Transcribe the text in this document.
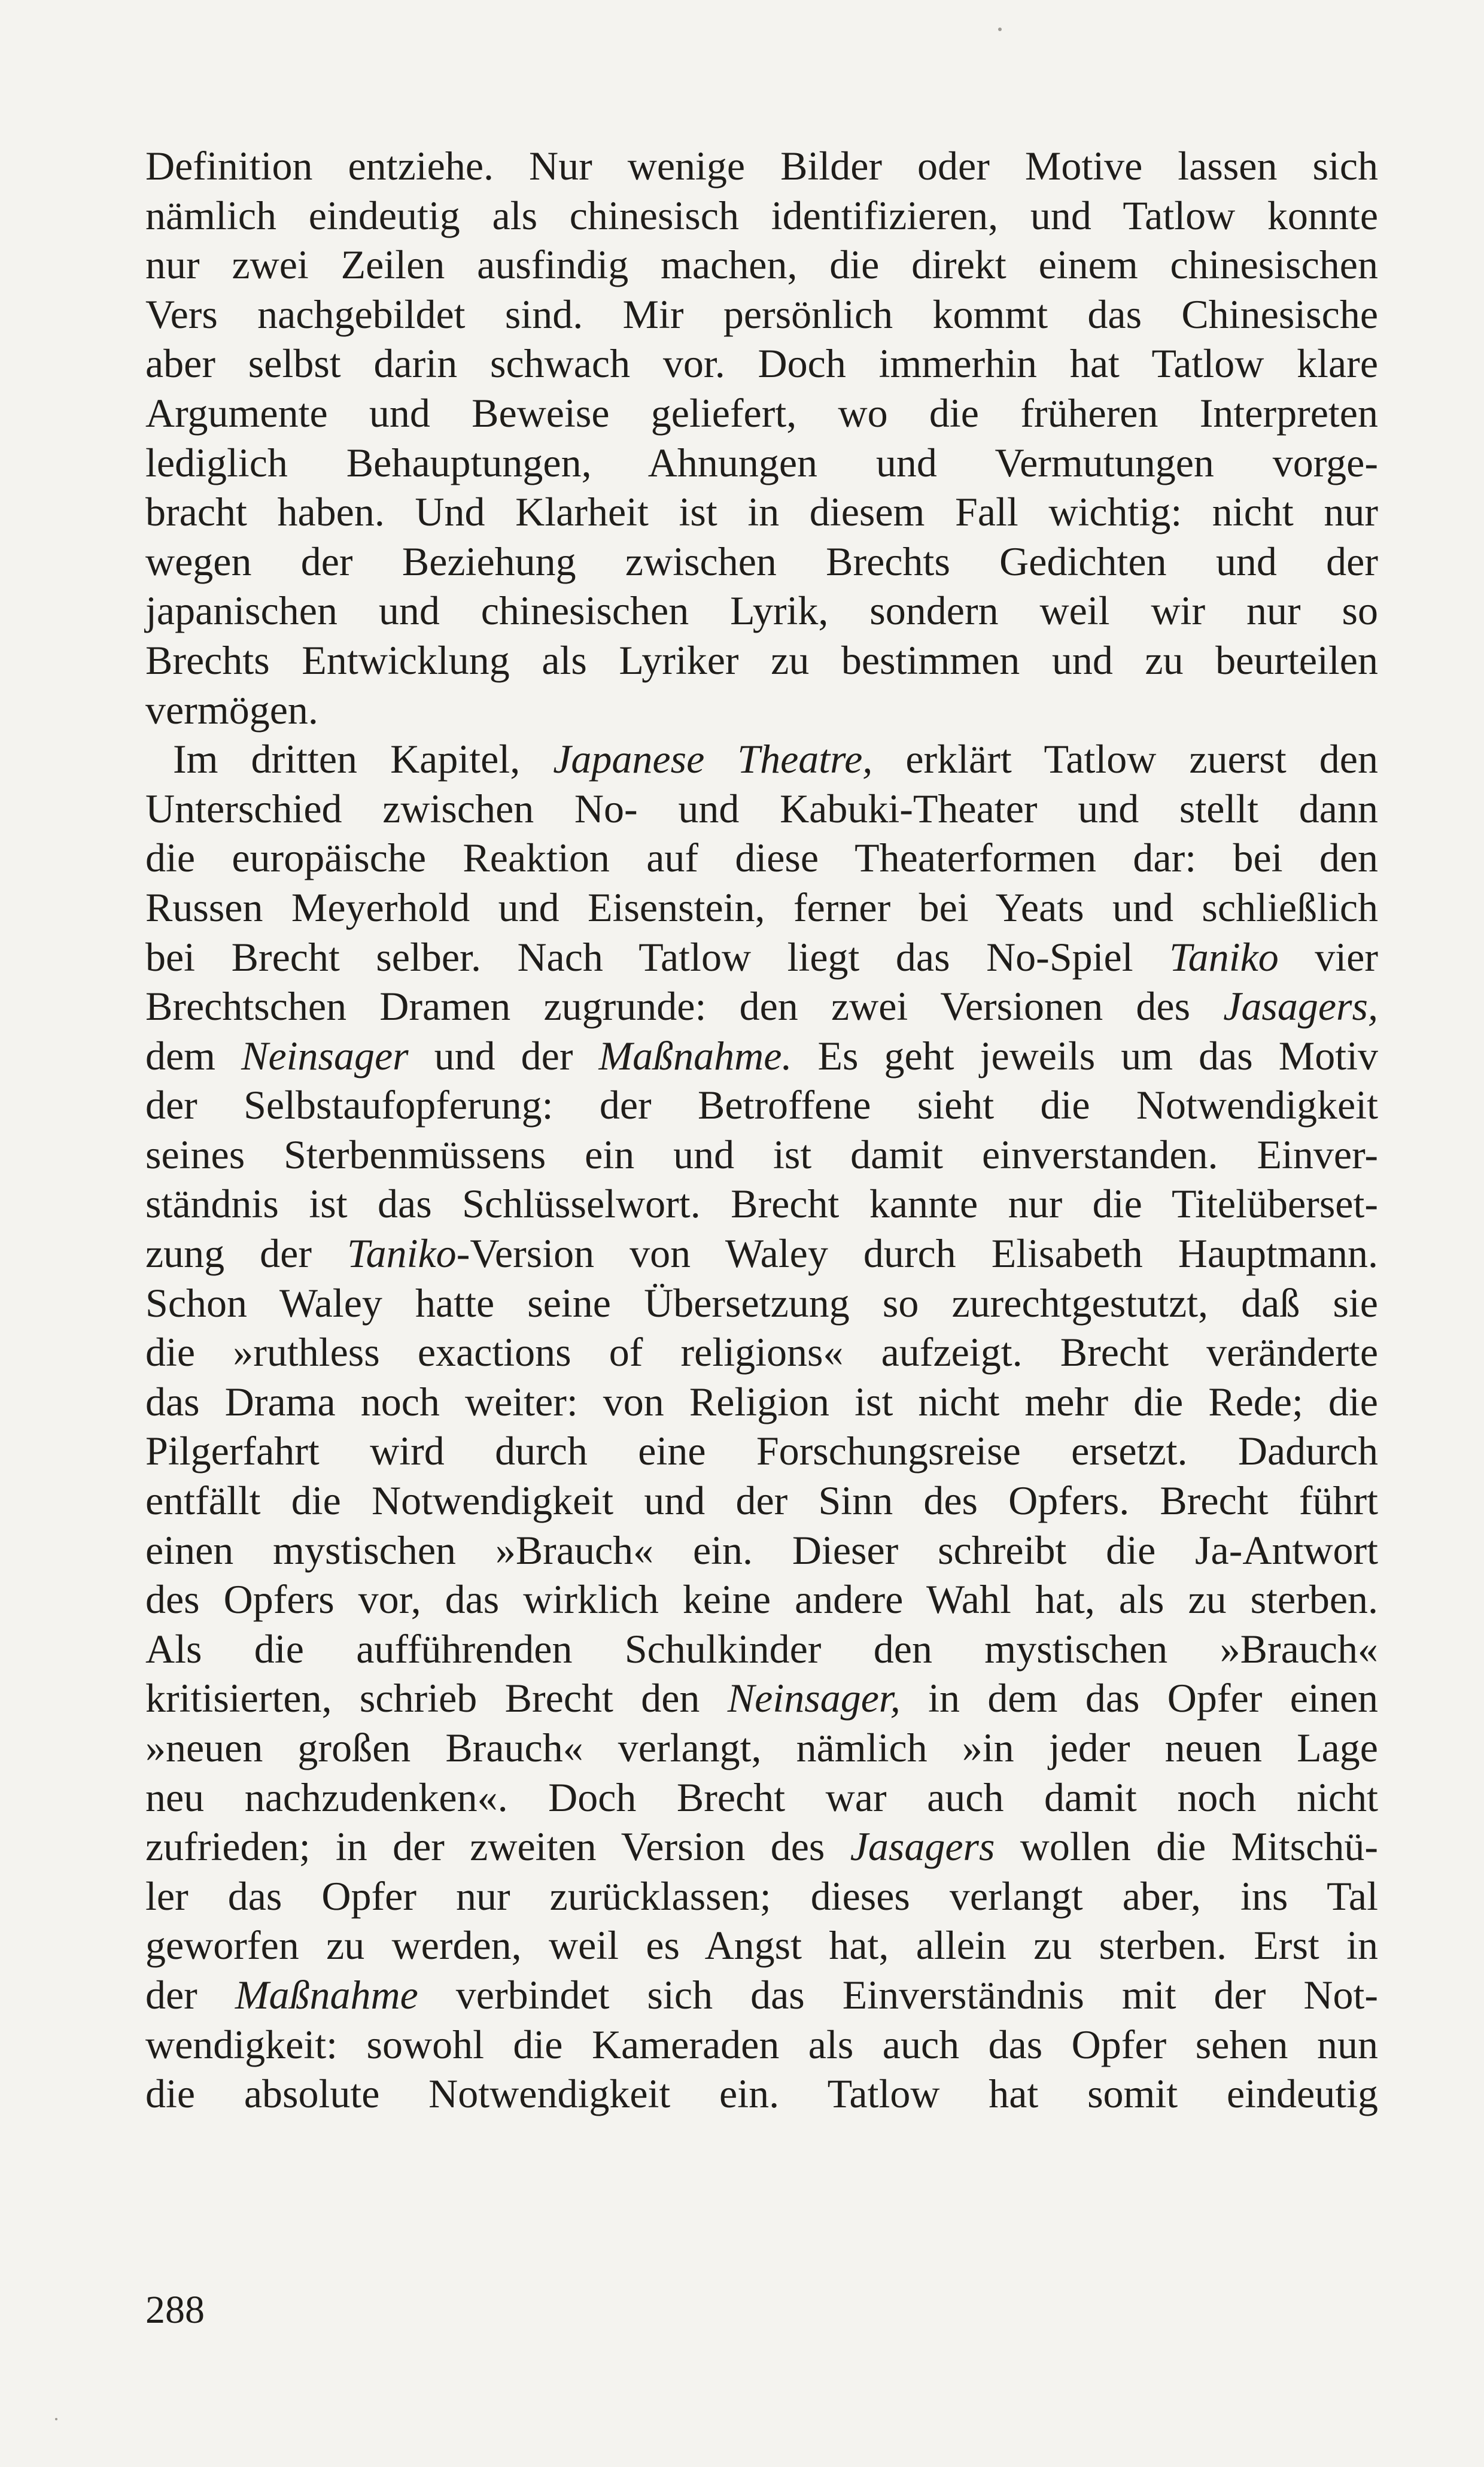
Definition entziehe. Nur wenige Bilder oder Motive lassen sich
nämlich eindeutig als chinesisch identifizieren, und Tatlow konnte
nur zwei Zeilen ausfindig machen, die direkt einem chinesischen
Vers nachgebildet sind. Mir persönlich kommt das Chinesische
aber selbst darin schwach vor. Doch immerhin hat Tatlow klare
Argumente und Beweise geliefert, wo die früheren Interpreten
lediglich Behauptungen, Ahnungen und Vermutungen vorge-
bracht haben. Und Klarheit ist in diesem Fall wichtig: nicht nur
wegen der Beziehung zwischen Brechts Gedichten und der
japanischen und chinesischen Lyrik, sondern weil wir nur so
Brechts Entwicklung als Lyriker zu bestimmen und zu beurteilen
vermögen.
Im dritten Kapitel, Japanese Theatre, erklärt Tatlow zuerst den
Unterschied zwischen No- und Kabuki-Theater und stellt dann
die europäische Reaktion auf diese Theaterformen dar: bei den
Russen Meyerhold und Eisenstein, ferner bei Yeats und schließlich
bei Brecht selber. Nach Tatlow liegt das No-Spiel Taniko vier
Brechtschen Dramen zugrunde: den zwei Versionen des Jasagers,
dem Neinsager und der Maßnahme. Es geht jeweils um das Motiv
der Selbstaufopferung: der Betroffene sieht die Notwendigkeit
seines Sterbenmüssens ein und ist damit einverstanden. Einver-
ständnis ist das Schlüsselwort. Brecht kannte nur die Titelüberset-
zung der Taniko-Version von Waley durch Elisabeth Hauptmann.
Schon Waley hatte seine Übersetzung so zurechtgestutzt, daß sie
die »ruthless exactions of religions« aufzeigt. Brecht veränderte
das Drama noch weiter: von Religion ist nicht mehr die Rede; die
Pilgerfahrt wird durch eine Forschungsreise ersetzt. Dadurch
entfällt die Notwendigkeit und der Sinn des Opfers. Brecht führt
einen mystischen »Brauch« ein. Dieser schreibt die Ja-Antwort
des Opfers vor, das wirklich keine andere Wahl hat, als zu sterben.
Als die aufführenden Schulkinder den mystischen »Brauch«
kritisierten, schrieb Brecht den Neinsager, in dem das Opfer einen
»neuen großen Brauch« verlangt, nämlich »in jeder neuen Lage
neu nachzudenken«. Doch Brecht war auch damit noch nicht
zufrieden; in der zweiten Version des Jasagers wollen die Mitschü-
ler das Opfer nur zurücklassen; dieses verlangt aber, ins Tal
geworfen zu werden, weil es Angst hat, allein zu sterben. Erst in
der Maßnahme verbindet sich das Einverständnis mit der Not-
wendigkeit: sowohl die Kameraden als auch das Opfer sehen nun
die absolute Notwendigkeit ein. Tatlow hat somit eindeutig
288
